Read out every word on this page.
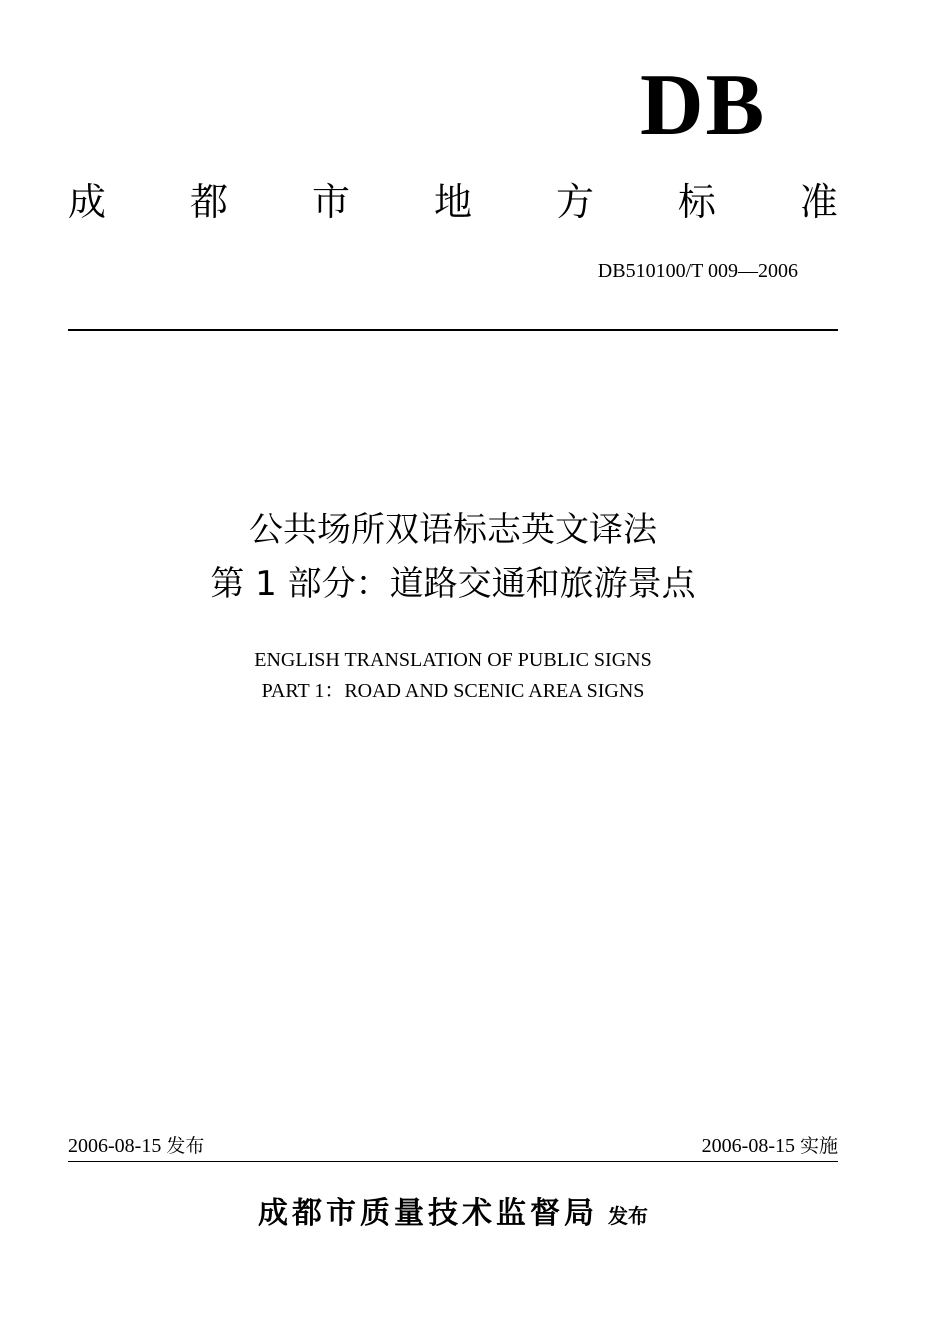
DB
成 都 市 地 方 标 准
DB510100/T 009—2006
公共场所双语标志英文译法
第 1 部分：道路交通和旅游景点
ENGLISH TRANSLATION OF PUBLIC SIGNS
PART 1：ROAD AND SCENIC AREA SIGNS
2006-08-15 发布	2006-08-15 实施
成都市质量技术监督局 发布
